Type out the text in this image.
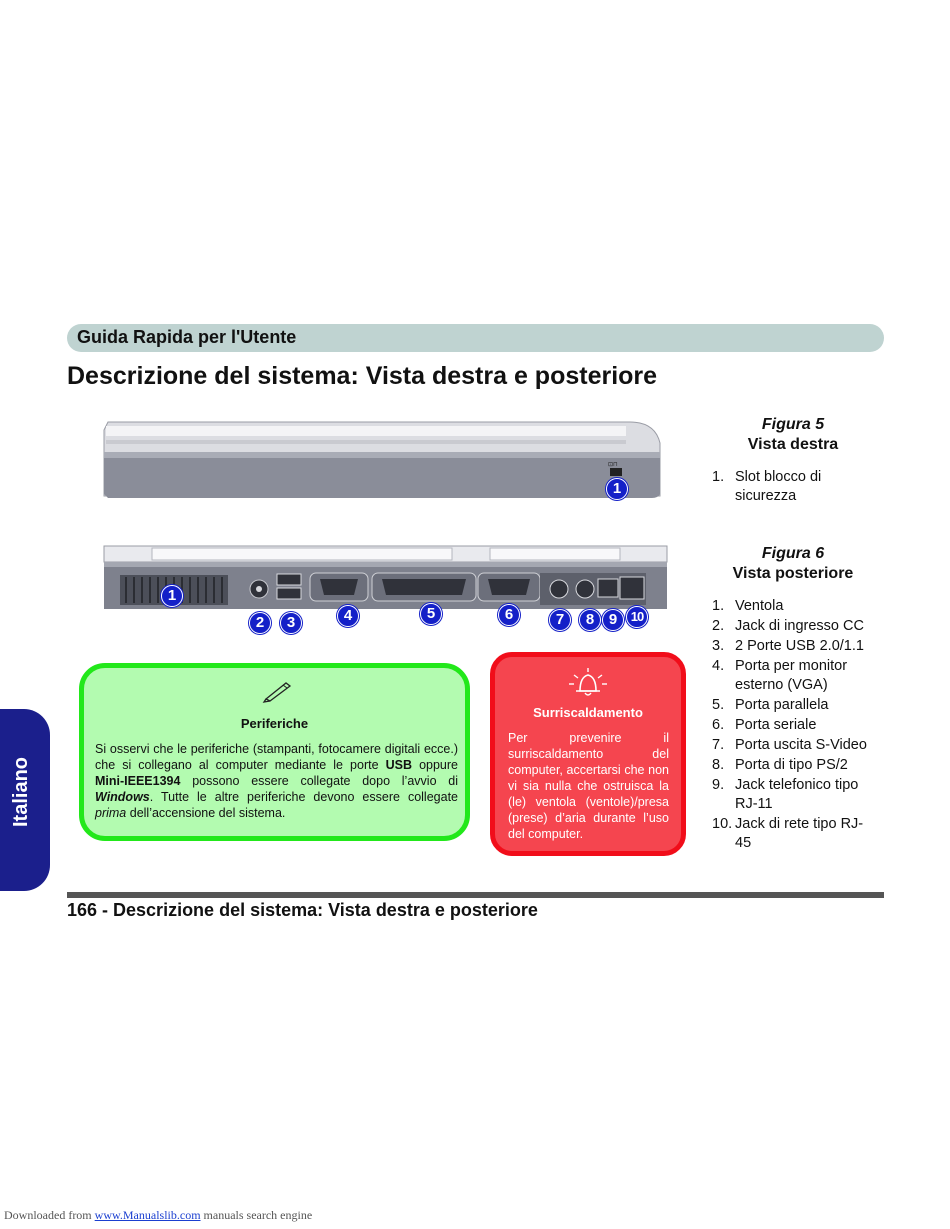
Guida Rapida per l'Utente
Descrizione del sistema: Vista destra e posteriore
⊡⊓
1
Figura 5
Vista destra
1. Slot blocco di sicurezza
1
2	3	4	5	6	7	8 9	10
Figura 6
Vista posteriore
1. Ventola
2. Jack di ingresso CC
3. 2 Porte USB 2.0/1.1
4. Porta per monitor esterno (VGA)
5. Porta parallela
6. Porta seriale
7. Porta uscita S-Video
8. Porta di tipo PS/2
9. Jack telefonico tipo RJ-11
10. Jack di rete tipo RJ-45
Periferiche
Si osservi che le periferiche (stampanti, fotocamere digitali ecce.) che si collegano al computer mediante le porte USB oppure Mini-IEEE1394 possono essere collegate dopo l’avvio di Windows. Tutte le altre periferiche devono essere collegate prima dell’accensione del sistema.
Surriscaldamento
Per prevenire il surriscaldamento del computer, accertarsi che non vi sia nulla che ostruisca la (le) ventola (ventole)/presa (prese) d’aria durante l’uso del computer.
Italiano
166 - Descrizione del sistema: Vista destra e posteriore
Downloaded from www.Manualslib.com manuals search engine
